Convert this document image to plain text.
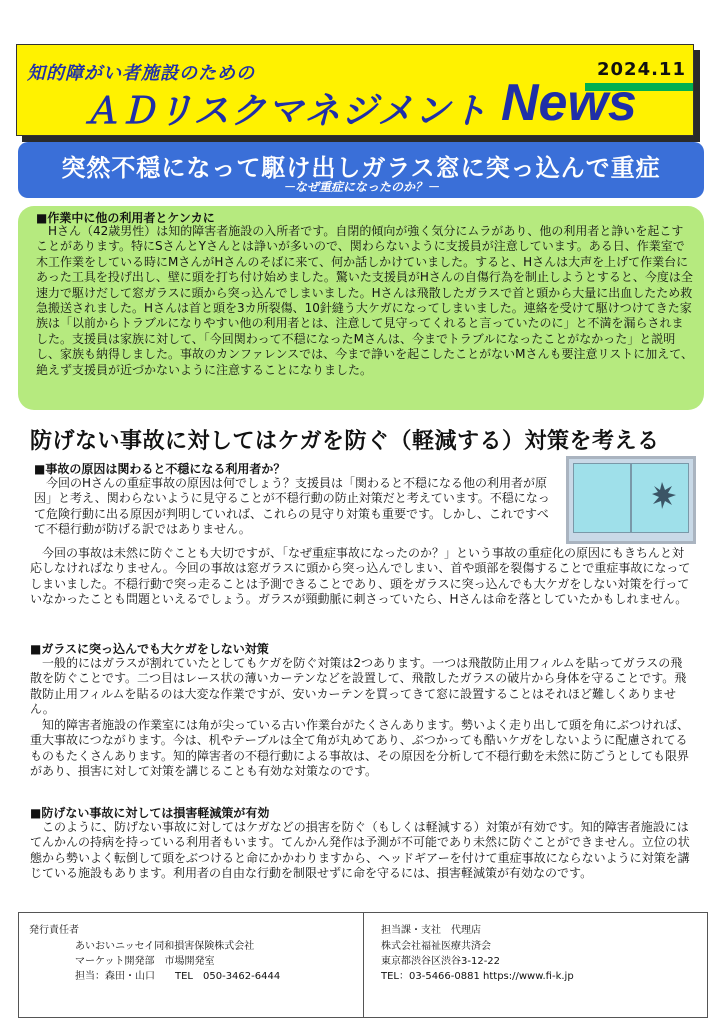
知的障がい者施設のための	2024.11
ＡＤリスクマネジメント News
突然不穏になって駆け出しガラス窓に突っ込んで重症
－なぜ重症になったのか？－
■作業中に他の利用者とケンカに
Hさん（42歳男性）は知的障害者施設の入所者です。自閉的傾向が強く気分にムラがあり、他の利用者と諍いを起こすことがあります。特にSさんとYさんとは諍いが多いので、関わらないように支援員が注意しています。ある日、作業室で木工作業をしている時にMさんがHさんのそばに来て、何か話しかけていました。すると、Hさんは大声を上げて作業台にあった工具を投げ出し、壁に頭を打ち付け始めました。驚いた支援員がHさんの自傷行為を制止しようとすると、今度は全速力で駆けだして窓ガラスに頭から突っ込んでしまいました。Hさんは飛散したガラスで首と頭から大量に出血したため救急搬送されました。Hさんは首と頭を3カ所裂傷、10針縫う大ケガになってしまいました。連絡を受けて駆けつけてきた家族は「以前からトラブルになりやすい他の利用者とは、注意して見守ってくれると言っていたのに」と不満を漏らされました。支援員は家族に対して、「今回関わって不穏になったMさんは、今までトラブルになったことがなかった」と説明し、家族も納得しました。事故のカンファレンスでは、今まで諍いを起こしたことがないMさんも要注意リストに加えて、絶えず支援員が近づかないように注意することになりました。
防げない事故に対してはケガを防ぐ（軽減する）対策を考える
■事故の原因は関わると不穏になる利用者か？
今回のHさんの重症事故の原因は何でしょう？支援員は「関わると不穏になる他の利用者が原因」と考え、関わらないように見守ることが不穏行動の防止対策だと考えています。不穏になって危険行動に出る原因が判明していれば、これらの見守り対策も重要です。しかし、これですべて不穏行動が防げる訳ではありません。
今回の事故は未然に防ぐことも大切ですが、「なぜ重症事故になったのか？」という事故の重症化の原因にもきちんと対応しなければなりません。今回の事故は窓ガラスに頭から突っ込んでしまい、首や頭部を裂傷することで重症事故になってしまいました。不穏行動で突っ走ることは予測できることであり、頭をガラスに突っ込んでも大ケガをしない対策を行っていなかったことも問題といえるでしょう。ガラスが頸動脈に刺さっていたら、Hさんは命を落としていたかもしれません。
■ガラスに突っ込んでも大ケガをしない対策
一般的にはガラスが割れていたとしてもケガを防ぐ対策は2つあります。一つは飛散防止用フィルムを貼ってガラスの飛散を防ぐことです。二つ目はレース状の薄いカーテンなどを設置して、飛散したガラスの破片から身体を守ることです。飛散防止用フィルムを貼るのは大変な作業ですが、安いカーテンを買ってきて窓に設置することはそれほど難しくありません。
知的障害者施設の作業室には角が尖っている古い作業台がたくさんあります。勢いよく走り出して頭を角にぶつければ、重大事故につながります。今は、机やテーブルは全て角が丸めてあり、ぶつかっても酷いケガをしないように配慮されてるものもたくさんあります。知的障害者の不穏行動による事故は、その原因を分析して不穏行動を未然に防ごうとしても限界があり、損害に対して対策を講じることも有効な対策なのです。
■防げない事故に対しては損害軽減策が有効
このように、防げない事故に対してはケガなどの損害を防ぐ（もしくは軽減する）対策が有効です。知的障害者施設にはてんかんの持病を持っている利用者もいます。てんかん発作は予測が不可能であり未然に防ぐことができません。立位の状態から勢いよく転倒して頭をぶつけると命にかかわりますから、ヘッドギアーを付けて重症事故にならないように対策を講じている施設もあります。利用者の自由な行動を制限せずに命を守るには、損害軽減策が有効なのです。
発行責任者
あいおいニッセイ同和損害保険株式会社
マーケット開発部　市場開発室
担当：森田・山口　　TEL　050-3462-6444
担当課・支社　代理店
株式会社福祉医療共済会
東京都渋谷区渋谷3-12-22
TEL：03-5466-0881 https://www.fi-k.jp
